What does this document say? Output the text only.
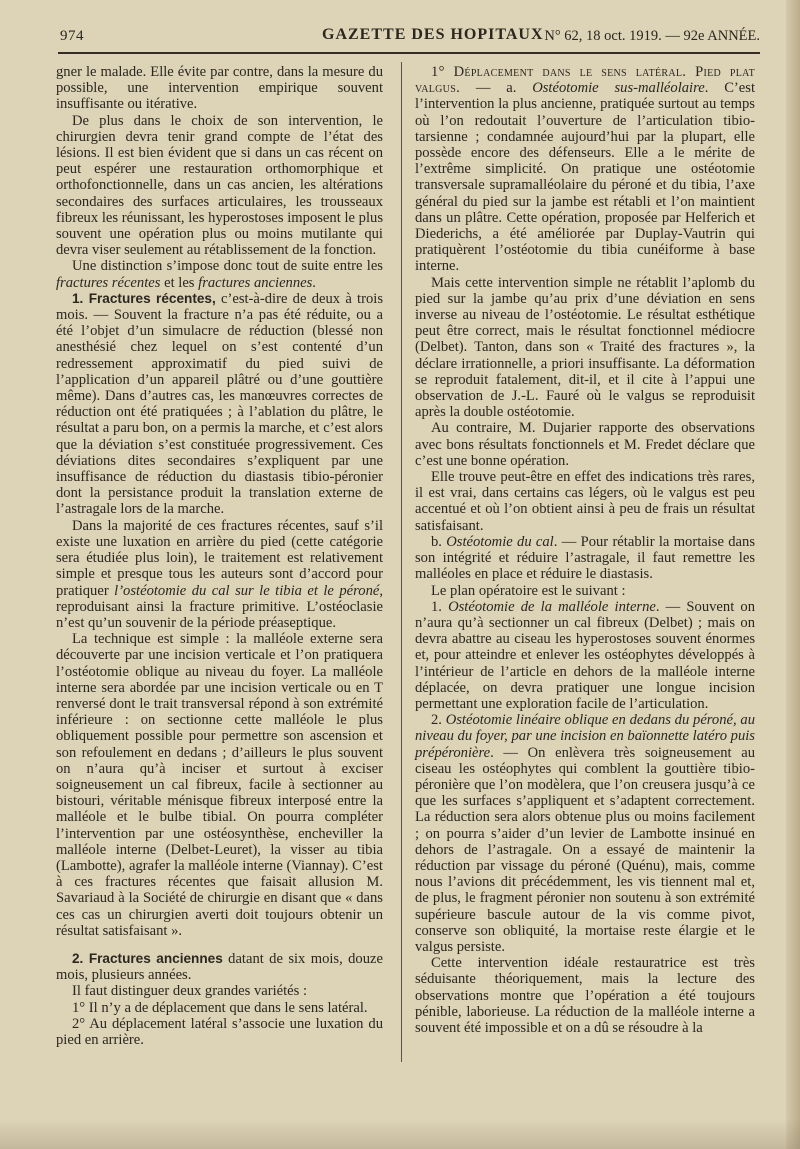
974	GAZETTE DES HOPITAUX N° 62, 18 oct. 1919. — 92e ANNÉE.

gner le malade. Elle évite par contre, dans la mesure du possible, une intervention empirique souvent insuffisante ou itérative.

De plus dans le choix de son intervention, le chirurgien devra tenir grand compte de l’état des lésions. Il est bien évident que si dans un cas récent on peut espérer une restauration orthomorphique et orthofonctionnelle, dans un cas ancien, les altérations secondaires des surfaces articulaires, les trousseaux fibreux les réunissant, les hyperostoses imposent le plus souvent une opération plus ou moins mutilante qui devra viser seulement au rétablissement de la fonction.

Une distinction s’impose donc tout de suite entre les fractures récentes et les fractures anciennes.

1. Fractures récentes, c’est-à-dire de deux à trois mois. — Souvent la fracture n’a pas été réduite, ou a été l’objet d’un simulacre de réduction (blessé non anesthésié chez lequel on s’est contenté d’un redressement approximatif du pied suivi de l’application d’un appareil plâtré ou d’une gouttière même). Dans d’autres cas, les manœuvres correctes de réduction ont été pratiquées ; à l’ablation du plâtre, le résultat a paru bon, on a permis la marche, et c’est alors que la déviation s’est constituée progressivement. Ces déviations dites secondaires s’expliquent par une insuffisance de réduction du diastasis tibio-péronier dont la persistance produit la translation externe de l’astragale lors de la marche.

Dans la majorité de ces fractures récentes, sauf s’il existe une luxation en arrière du pied (cette catégorie sera étudiée plus loin), le traitement est relativement simple et presque tous les auteurs sont d’accord pour pratiquer l’ostéotomie du cal sur le tibia et le péroné, reproduisant ainsi la fracture primitive. L’ostéoclasie n’est qu’un souvenir de la période préaseptique.

La technique est simple : la malléole externe sera découverte par une incision verticale et l’on pratiquera l’ostéotomie oblique au niveau du foyer. La malléole interne sera abordée par une incision verticale ou en T renversé dont le trait transversal répond à son extrémité inférieure : on sectionne cette malléole le plus obliquement possible pour permettre son ascension et son refoulement en dedans ; d’ailleurs le plus souvent on n’aura qu’à inciser et surtout à exciser soigneusement un cal fibreux, facile à sectionner au bistouri, véritable ménisque fibreux interposé entre la malléole et le bulbe tibial. On pourra compléter l’intervention par une ostéosynthèse, encheviller la malléole interne (Delbet-Leuret), la visser au tibia (Lambotte), agrafer la malléole interne (Viannay). C’est à ces fractures récentes que faisait allusion M. Savariaud à la Société de chirurgie en disant que « dans ces cas un chirurgien averti doit toujours obtenir un résultat satisfaisant ».

2. Fractures anciennes datant de six mois, douze mois, plusieurs années.

Il faut distinguer deux grandes variétés :

1° Il n’y a de déplacement que dans le sens latéral.

2° Au déplacement latéral s’associe une luxation du pied en arrière.

1° Déplacement dans le sens latéral. Pied plat valgus. — a. Ostéotomie sus-malléolaire. C’est l’intervention la plus ancienne, pratiquée surtout au temps où l’on redoutait l’ouverture de l’articulation tibio-tarsienne ; condamnée aujourd’hui par la plupart, elle possède encore des défenseurs. Elle a le mérite de l’extrême simplicité. On pratique une ostéotomie transversale supramalléolaire du péroné et du tibia, l’axe général du pied sur la jambe est rétabli et l’on maintient dans un plâtre. Cette opération, proposée par Helferich et Diederichs, a été améliorée par Duplay-Vautrin qui pratiquèrent l’ostéotomie du tibia cunéiforme à base interne.

Mais cette intervention simple ne rétablit l’aplomb du pied sur la jambe qu’au prix d’une déviation en sens inverse au niveau de l’ostéotomie. Le résultat esthétique peut être correct, mais le résultat fonctionnel médiocre (Delbet). Tanton, dans son « Traité des fractures », la déclare irrationnelle, a priori insuffisante. La déformation se reproduit fatalement, dit-il, et il cite à l’appui une observation de J.-L. Fauré où le valgus se reproduisit après la double ostéotomie.

Au contraire, M. Dujarier rapporte des observations avec bons résultats fonctionnels et M. Fredet déclare que c’est une bonne opération.

Elle trouve peut-être en effet des indications très rares, il est vrai, dans certains cas légers, où le valgus est peu accentué et où l’on obtient ainsi à peu de frais un résultat satisfaisant.

b. Ostéotomie du cal. — Pour rétablir la mortaise dans son intégrité et réduire l’astragale, il faut remettre les malléoles en place et réduire le diastasis.

Le plan opératoire est le suivant :

1. Ostéotomie de la malléole interne. — Souvent on n’aura qu’à sectionner un cal fibreux (Delbet) ; mais on devra abattre au ciseau les hyperostoses souvent énormes et, pour atteindre et enlever les ostéophytes développés à l’intérieur de l’article en dehors de la malléole interne déplacée, on devra pratiquer une longue incision permettant une exploration facile de l’articulation.

2. Ostéotomie linéaire oblique en dedans du péroné, au niveau du foyer, par une incision en baïonnette latéro puis prépéronière. — On enlèvera très soigneusement au ciseau les ostéophytes qui comblent la gouttière tibio-péronière que l’on modèlera, que l’on creusera jusqu’à ce que les surfaces s’appliquent et s’adaptent correctement. La réduction sera alors obtenue plus ou moins facilement ; on pourra s’aider d’un levier de Lambotte insinué en dehors de l’astragale. On a essayé de maintenir la réduction par vissage du péroné (Quénu), mais, comme nous l’avions dit précédemment, les vis tiennent mal et, de plus, le fragment péronier non soutenu à son extrémité supérieure bascule autour de la vis comme pivot, conserve son obliquité, la mortaise reste élargie et le valgus persiste.

Cette intervention idéale restauratrice est très séduisante théoriquement, mais la lecture des observations montre que l’opération a été toujours pénible, laborieuse. La réduction de la malléole interne a souvent été impossible et on a dû se résoudre à la
